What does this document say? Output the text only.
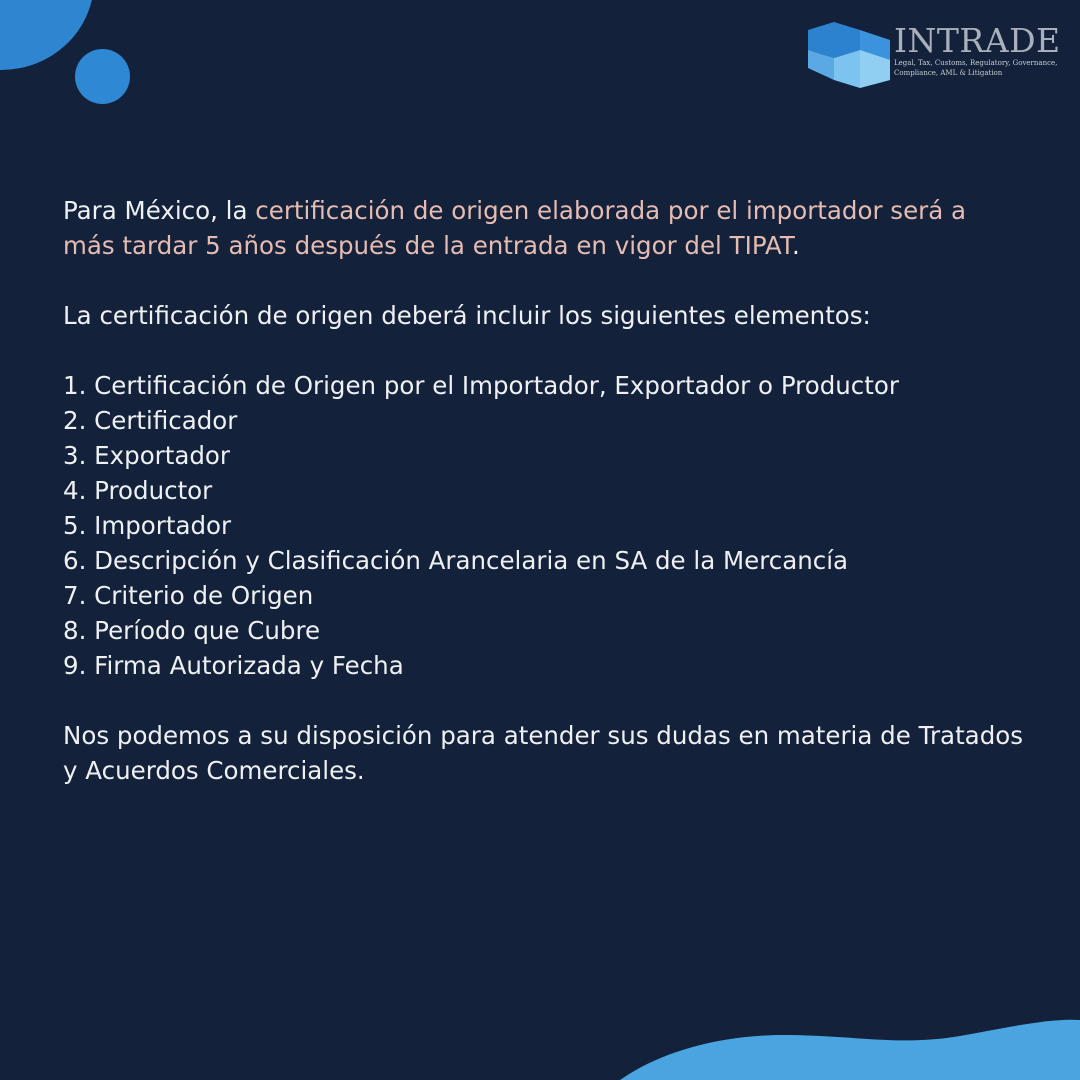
INTRADE
Legal, Tax, Customs, Regulatory, Governance, Compliance, AML & Litigation

Para México, la certificación de origen elaborada por el importador será a más tardar 5 años después de la entrada en vigor del TIPAT.

La certificación de origen deberá incluir los siguientes elementos:

1. Certificación de Origen por el Importador, Exportador o Productor
2. Certificador
3. Exportador
4. Productor
5. Importador
6. Descripción y Clasificación Arancelaria en SA de la Mercancía
7. Criterio de Origen
8. Período que Cubre
9. Firma Autorizada y Fecha

Nos podemos a su disposición para atender sus dudas en materia de Tratados y Acuerdos Comerciales.
